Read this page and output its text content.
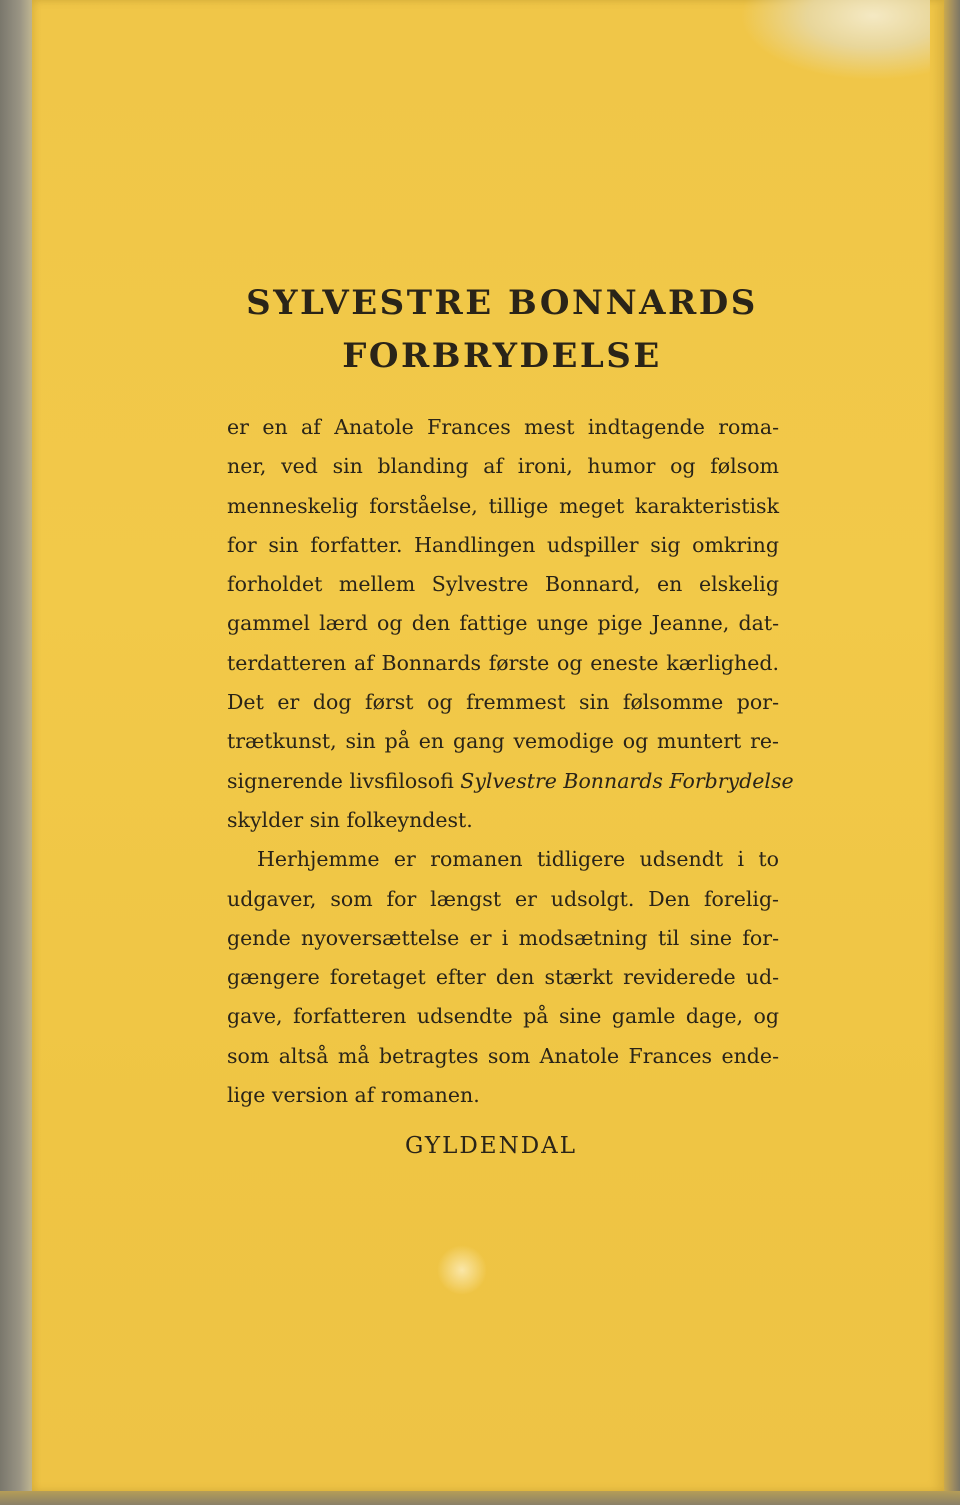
SYLVESTRE BONNARDS
FORBRYDELSE
er en af Anatole Frances mest indtagende roma-
ner, ved sin blanding af ironi, humor og følsom
menneskelig forståelse, tillige meget karakteristisk
for sin forfatter. Handlingen udspiller sig omkring
forholdet mellem Sylvestre Bonnard, en elskelig
gammel lærd og den fattige unge pige Jeanne, dat-
terdatteren af Bonnards første og eneste kærlighed.
Det er dog først og fremmest sin følsomme por-
trætkunst, sin på en gang vemodige og muntert re-
signerende livsfilosofi Sylvestre Bonnards Forbrydelse
skylder sin folkeyndest.
Herhjemme er romanen tidligere udsendt i to
udgaver, som for længst er udsolgt. Den forelig-
gende nyoversættelse er i modsætning til sine for-
gængere foretaget efter den stærkt reviderede ud-
gave, forfatteren udsendte på sine gamle dage, og
som altså må betragtes som Anatole Frances ende-
lige version af romanen.
GYLDENDAL
